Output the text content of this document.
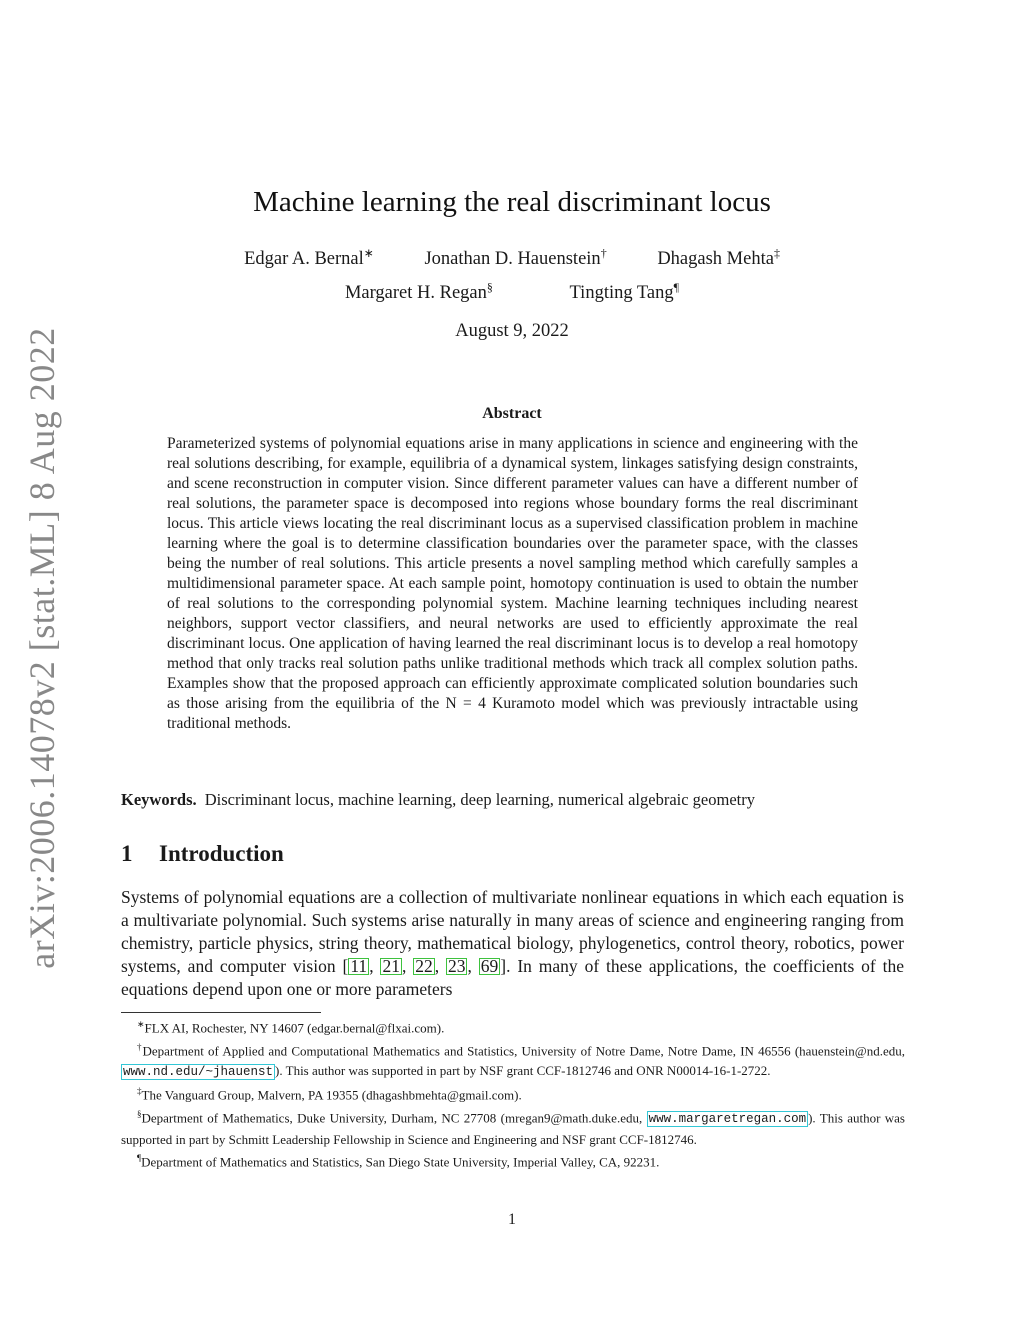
arXiv:2006.14078v2 [stat.ML] 8 Aug 2022
Machine learning the real discriminant locus
Edgar A. Bernal∗	Jonathan D. Hauenstein†	Dhagash Mehta‡
Margaret H. Regan§	Tingting Tang¶
August 9, 2022
Abstract
Parameterized systems of polynomial equations arise in many applications in science and engineering with the real solutions describing, for example, equilibria of a dynamical system, linkages satisfying design constraints, and scene reconstruction in computer vision. Since different parameter values can have a different number of real solutions, the parameter space is decomposed into regions whose boundary forms the real discriminant locus. This article views locating the real discriminant locus as a supervised classification problem in machine learning where the goal is to determine classification boundaries over the parameter space, with the classes being the number of real solutions. This article presents a novel sampling method which carefully samples a multidimensional parameter space. At each sample point, homotopy continuation is used to obtain the number of real solutions to the corresponding polynomial system. Machine learning techniques including nearest neighbors, support vector classifiers, and neural networks are used to efficiently approximate the real discriminant locus. One application of having learned the real discriminant locus is to develop a real homotopy method that only tracks real solution paths unlike traditional methods which track all complex solution paths. Examples show that the proposed approach can efficiently approximate complicated solution boundaries such as those arising from the equilibria of the N = 4 Kuramoto model which was previously intractable using traditional methods.
Keywords. Discriminant locus, machine learning, deep learning, numerical algebraic geometry
1 Introduction
Systems of polynomial equations are a collection of multivariate nonlinear equations in which each equation is a multivariate polynomial. Such systems arise naturally in many areas of science and engineering ranging from chemistry, particle physics, string theory, mathematical biology, phylogenetics, control theory, robotics, power systems, and computer vision [ 11 , 21 , 22 , 23 , 69 ]. In many of these applications, the coefficients of the equations depend upon one or more parameters
∗FLX AI, Rochester, NY 14607 (edgar.bernal@flxai.com).
†Department of Applied and Computational Mathematics and Statistics, University of Notre Dame, Notre Dame, IN 46556 (hauenstein@nd.edu, www.nd.edu/~jhauenst ). This author was supported in part by NSF grant CCF-1812746 and ONR N00014-16-1-2722.
‡The Vanguard Group, Malvern, PA 19355 (dhagashbmehta@gmail.com).
§Department of Mathematics, Duke University, Durham, NC 27708 (mregan9@math.duke.edu, www.margaretregan.com ). This author was supported in part by Schmitt Leadership Fellowship in Science and Engineering and NSF grant CCF-1812746.
¶Department of Mathematics and Statistics, San Diego State University, Imperial Valley, CA, 92231.
1
